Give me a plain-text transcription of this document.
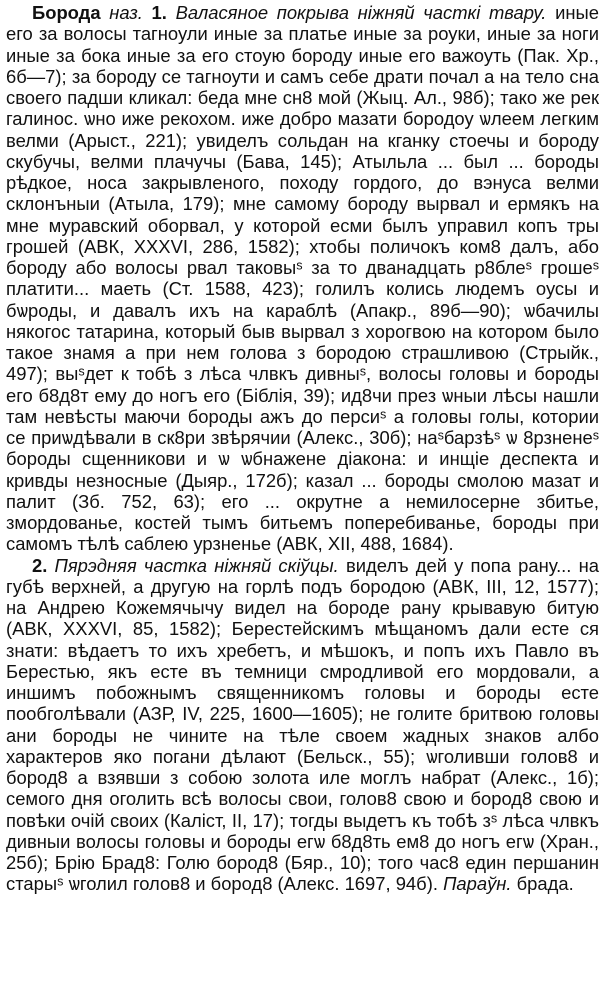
Борода наз. 1. Валасяное покрыва ніжняй часткі твару. иные его за волосы тагноули иные за платье иные за роуки, иные за ноги иные за бока иные за его стоую бороду иные его важоуть (Пак. Хр., 6б—7); за бороду се тагноути и самъ себе драти почал а на тело сна своего падши кликал: беда мне сн8 мой (Жыц. Ал., 98б); тако же рек галинос. ѡно иже рекохом. иже добро мазати бородоу ѡлеем легким велми (Арыст., 221); увиделъ сольдан на кганку стоечы и бороду скубучы, велми плачучы (Бава, 145); Атыльла ... был ... бороды рѣдкое, носа закрывленого, походу гордого, до вэнуса велми склонъныи (Атыла, 179); мне самому бороду вырвал и ермякъ на мне муравский оборвал, у которой есми былъ управил копъ тры грошей (АВК, XXXVI, 286, 1582); хтобы поличокъ ком8 далъ, або бороду або волосы рвал таковыˢ за то дванадцать р8блеˢ грошеˢ платити... маеть (Ст. 1588, 423); голилъ колись людемъ оусы и бѡроды, и давалъ ихъ на караблѣ (Апакр., 89б—90); ѡбачилы някогос татарина, который быв вырвал з хорогвою на котором было такое знамя а при нем голова з бородою страшливою (Стрыйк., 497); выˢдет к тобѣ з лѣса члвкъ дивныˢ, волосы головы и бороды его б8д8т ему до ногъ его (Біблія, 39); ид8чи през ѡныи лѣсы нашли там невѣсты маючи бороды ажъ до персиˢ а головы голы, котории се приѡдѣвали в ск8ри звѣрячии (Алекс., 30б); наˢбарзѣˢ ѡ 8рзненеˢ бороды сщенникови и ѡ ѡбнажене діакона: и инщіе деспекта и кривды незносные (Дыяр., 172б); казал ... бороды смолою мазат и палит (Зб. 752, 63); его ... окрутне а немилосерне збитье, змордованье, костей тымъ битьемъ поперебиванье, бороды при самомъ тѣлѣ саблею урзненье (АВК, XII, 488, 1684).

2. Пярэдняя частка ніжняй скіўцы. виделъ дей у попа рану... на губѣ верхней, а другую на горлѣ подъ бородою (АВК, III, 12, 1577); на Андрею Кожемячычу видел на бороде рану крывавую битую (АВК, XXXVI, 85, 1582); Берестейскимъ мѣщаномъ дали есте ся знати: вѣдаетъ то ихъ хребетъ, и мѣшокъ, и попъ ихъ Павло въ Берестью, якъ есте въ темници смродливой его мордовали, а иншимъ побожнымъ священникомъ головы и бороды есте пообголѣвали (АЗР, IV, 225, 1600—1605); не голите бритвою головы ани бороды не чините на тѣле своем жадных знаков албо характеров яко погани дѣлают (Бельск., 55); ѡголивши голов8 и бород8 а взявши з собою золота иле моглъ набрат (Алекс., 1б); семого дня оголить всѣ волосы свои, голов8 свою и бород8 свою и повѣки очій своих (Каліст, II, 17); тогды выдетъ къ тобѣ зˢ лѣса члвкъ дивныи волосы головы и бороды егѡ б8д8ть ем8 до ногъ егѡ (Хран., 25б); Брію Брад8: Голю бород8 (Бяр., 10); того час8 един першанин старыˢ ѡголил голов8 и бород8 (Алекс. 1697, 94б). Параўн. брада.
